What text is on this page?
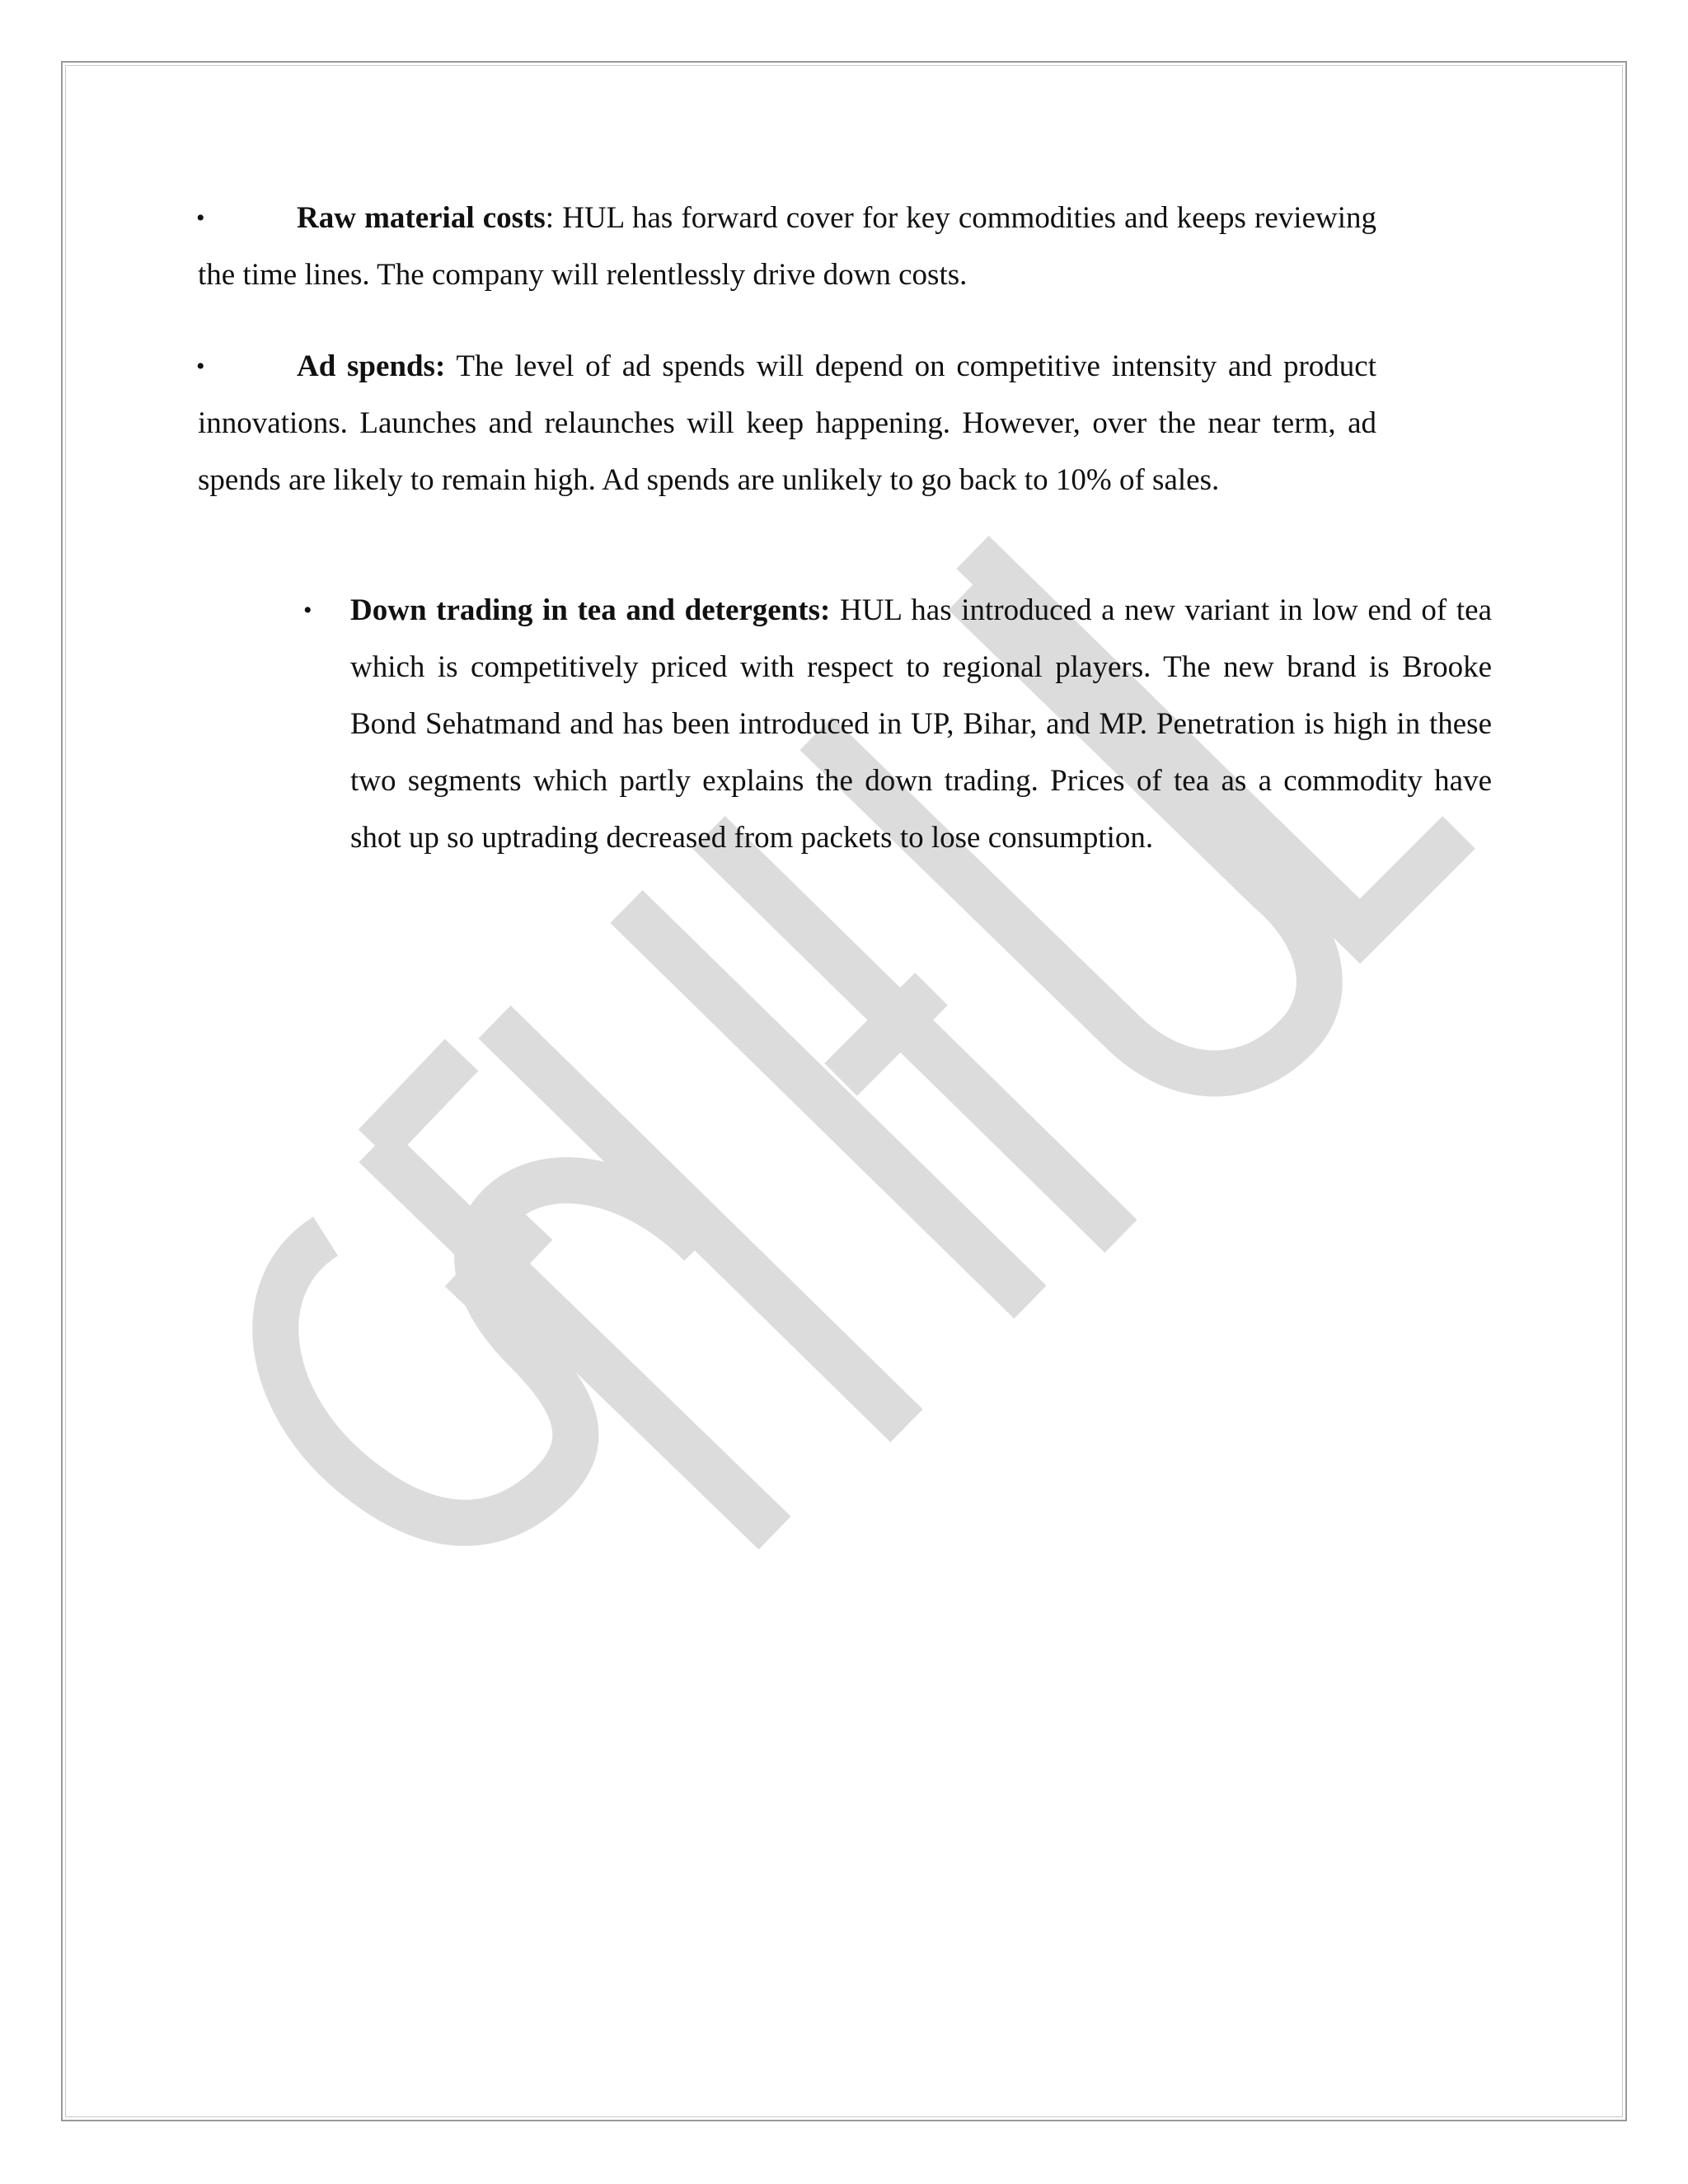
•	Raw material costs: HUL has forward cover for key commodities and keeps reviewing the time lines. The company will relentlessly drive down costs.

•	Ad spends: The level of ad spends will depend on competitive intensity and product innovations. Launches and relaunches will keep happening. However, over the near term, ad spends are likely to remain high. Ad spends are unlikely to go back to 10% of sales.

• Down trading in tea and detergents: HUL has introduced a new variant in low end of tea which is competitively priced with respect to regional players. The new brand is Brooke Bond Sehatmand and has been introduced in UP, Bihar, and MP. Penetration is high in these two segments which partly explains the down trading. Prices of tea as a commodity have shot up so uptrading decreased from packets to lose consumption.
